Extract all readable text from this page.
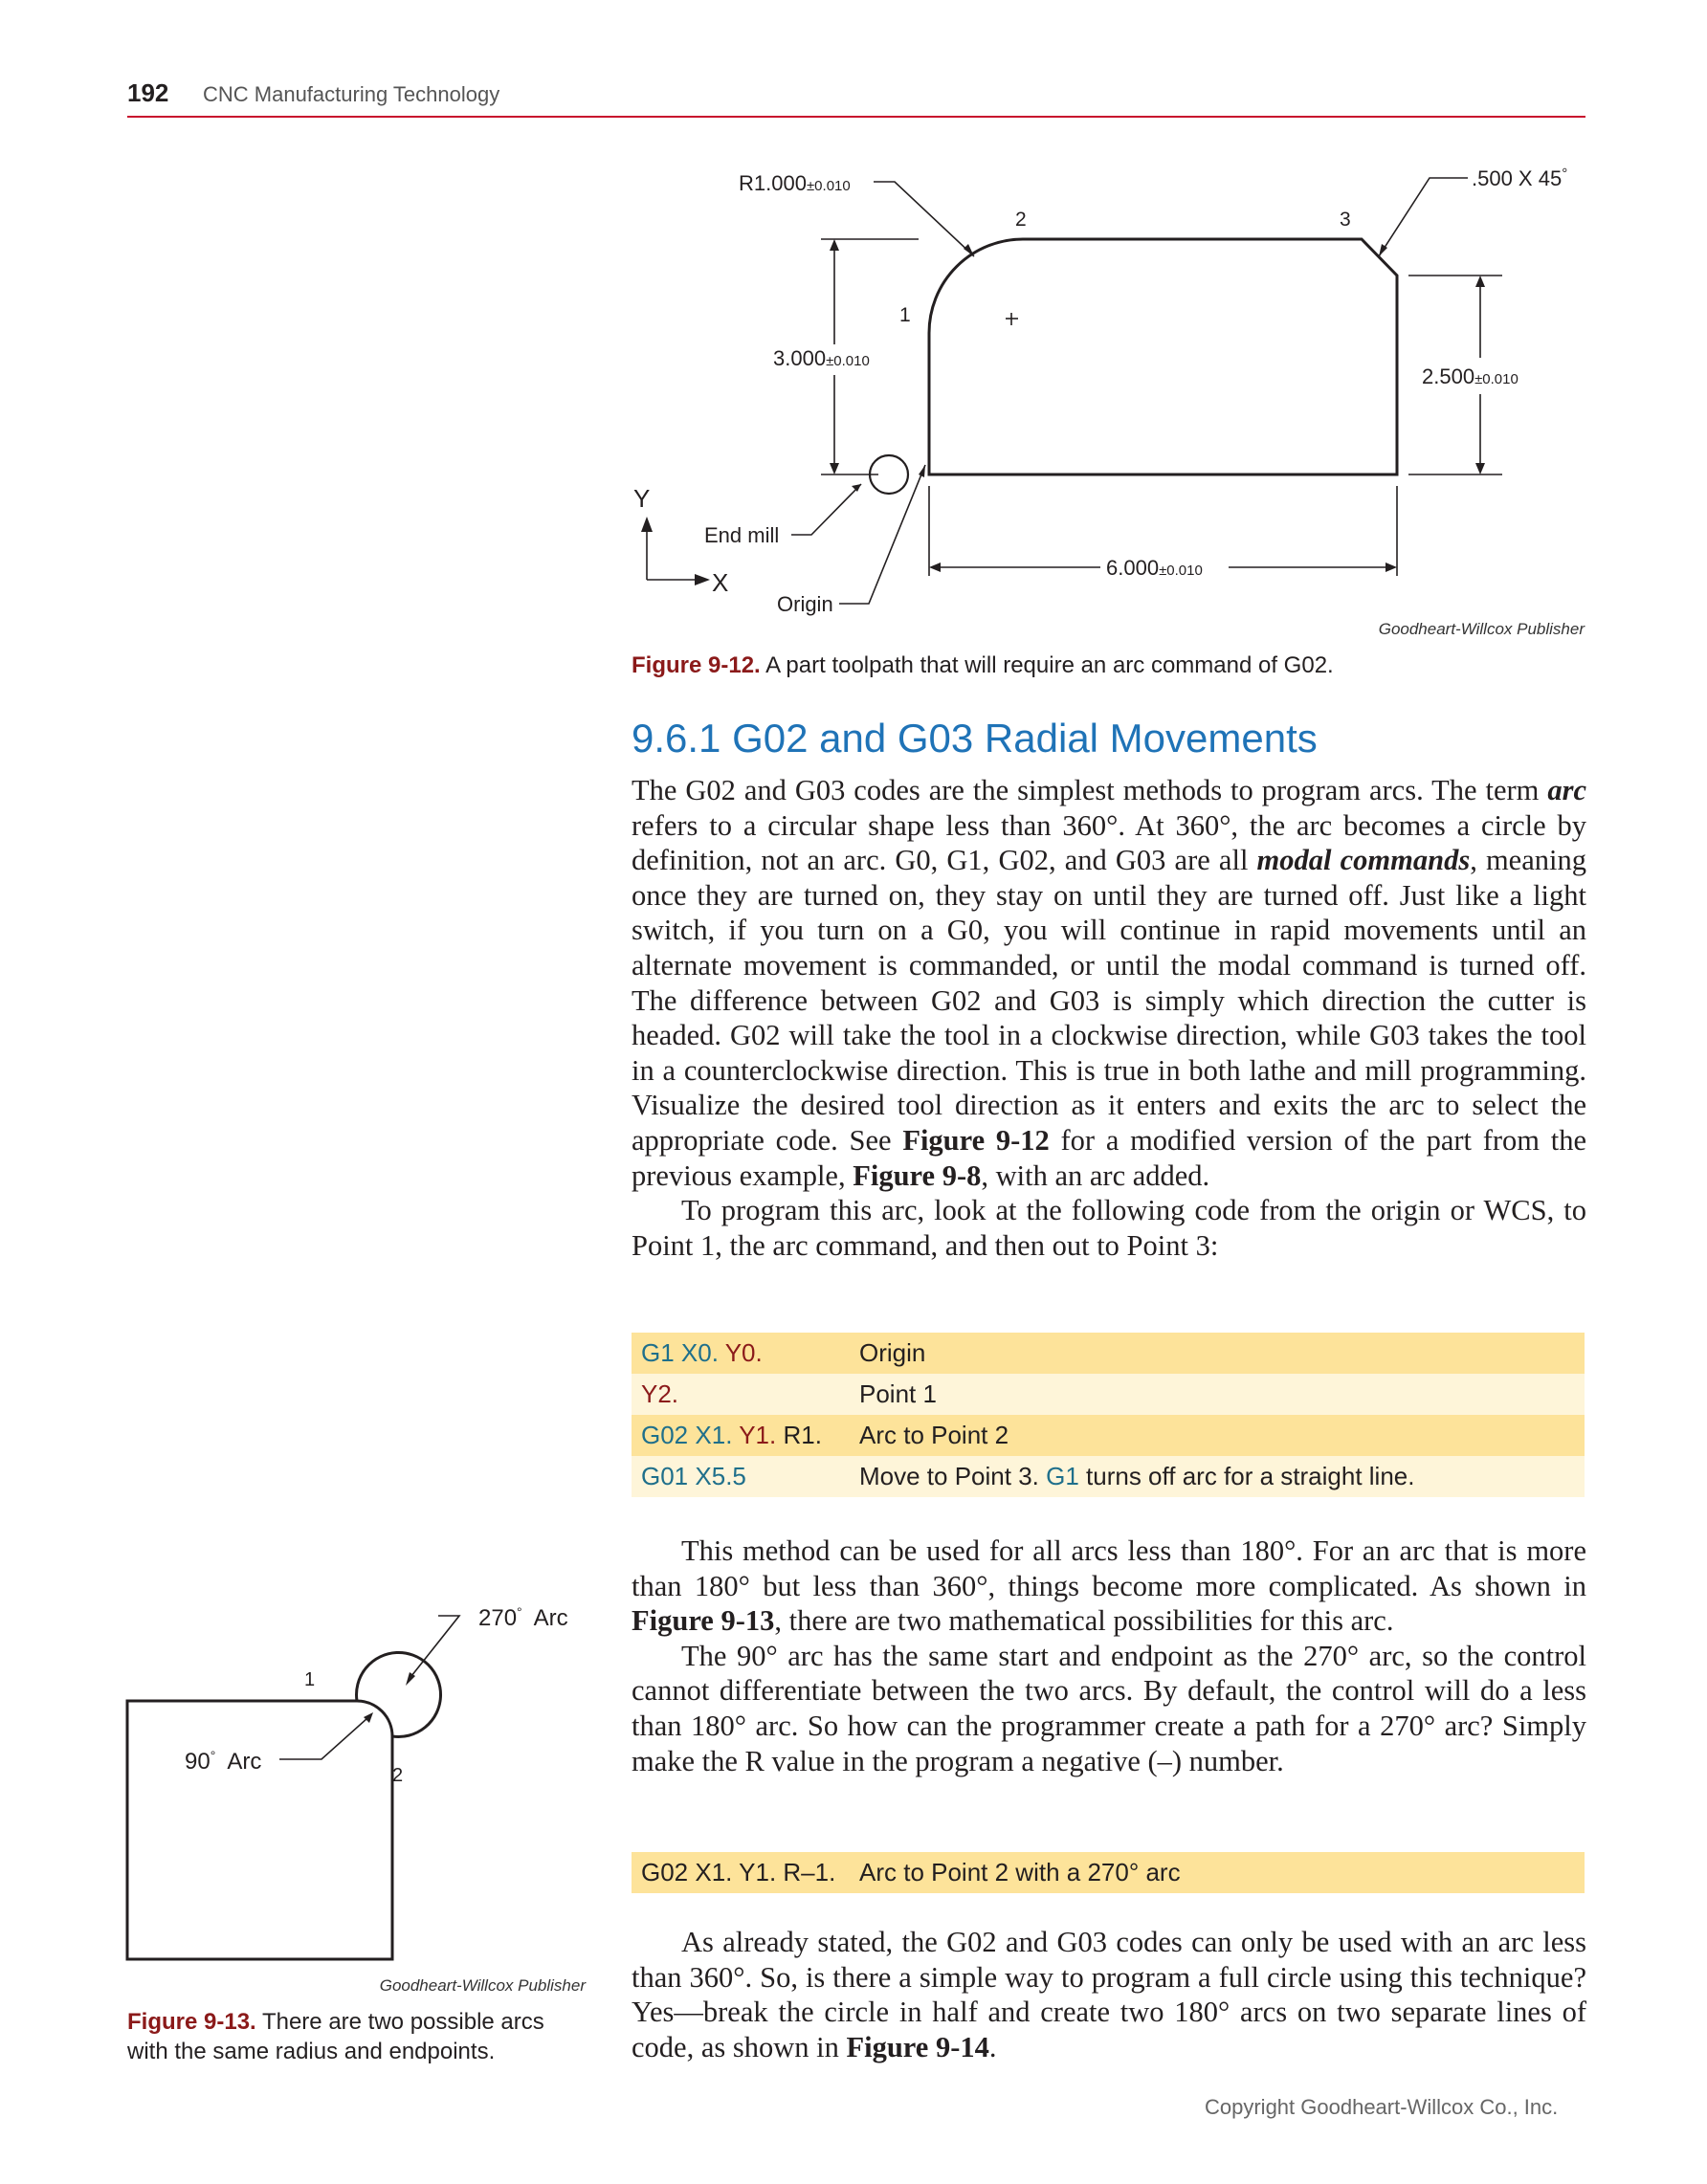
192 CNC Manufacturing Technology
R1.000±0.010	.500 X 45°
2	3
1
3.000±0.010
2.500±0.010
Y
X
End mill
Origin
6.000±0.010
Goodheart-Willcox Publisher
Figure 9-12. A part toolpath that will require an arc command of G02.
9.6.1 G02 and G03 Radial Movements

The G02 and G03 codes are the simplest methods to program arcs. The term arc refers to a circular shape less than 360°. At 360°, the arc becomes a circle by definition, not an arc. G0, G1, G02, and G03 are all modal commands, meaning once they are turned on, they stay on until they are turned off. Just like a light switch, if you turn on a G0, you will continue in rapid movements until an alternate movement is commanded, or until the modal command is turned off. The difference between G02 and G03 is simply which direction the cutter is headed. G02 will take the tool in a clockwise direction, while G03 takes the tool in a counterclockwise direction. This is true in both lathe and mill programming. Visualize the desired tool direction as it enters and exits the arc to select the appropriate code. See Figure 9-12 for a modified version of the part from the previous example, Figure 9-8, with an arc added.

To program this arc, look at the following code from the origin or WCS, to Point 1, the arc command, and then out to Point 3:

G1 X0. Y0.	Origin
Y2.	Point 1
G02 X1. Y1. R1.	Arc to Point 2
G01 X5.5	Move to Point 3. G1 turns off arc for a straight line.

This method can be used for all arcs less than 180°. For an arc that is more than 180° but less than 360°, things become more complicated. As shown in Figure 9-13, there are two mathematical possibilities for this arc.

The 90° arc has the same start and endpoint as the 270° arc, so the control cannot differentiate between the two arcs. By default, the control will do a less than 180° arc. So how can the programmer create a path for a 270° arc? Simply make the R value in the program a negative (–) number.

G02 X1. Y1. R–1.	Arc to Point 2 with a 270° arc

As already stated, the G02 and G03 codes can only be used with an arc less than 360°. So, is there a simple way to program a full circle using this technique? Yes—break the circle in half and create two 180° arcs on two separate lines of code, as shown in Figure 9-14.

270° Arc
90° Arc
1
2
Goodheart-Willcox Publisher
Figure 9-13. There are two possible arcs with the same radius and endpoints.
Copyright Goodheart-Willcox Co., Inc.
